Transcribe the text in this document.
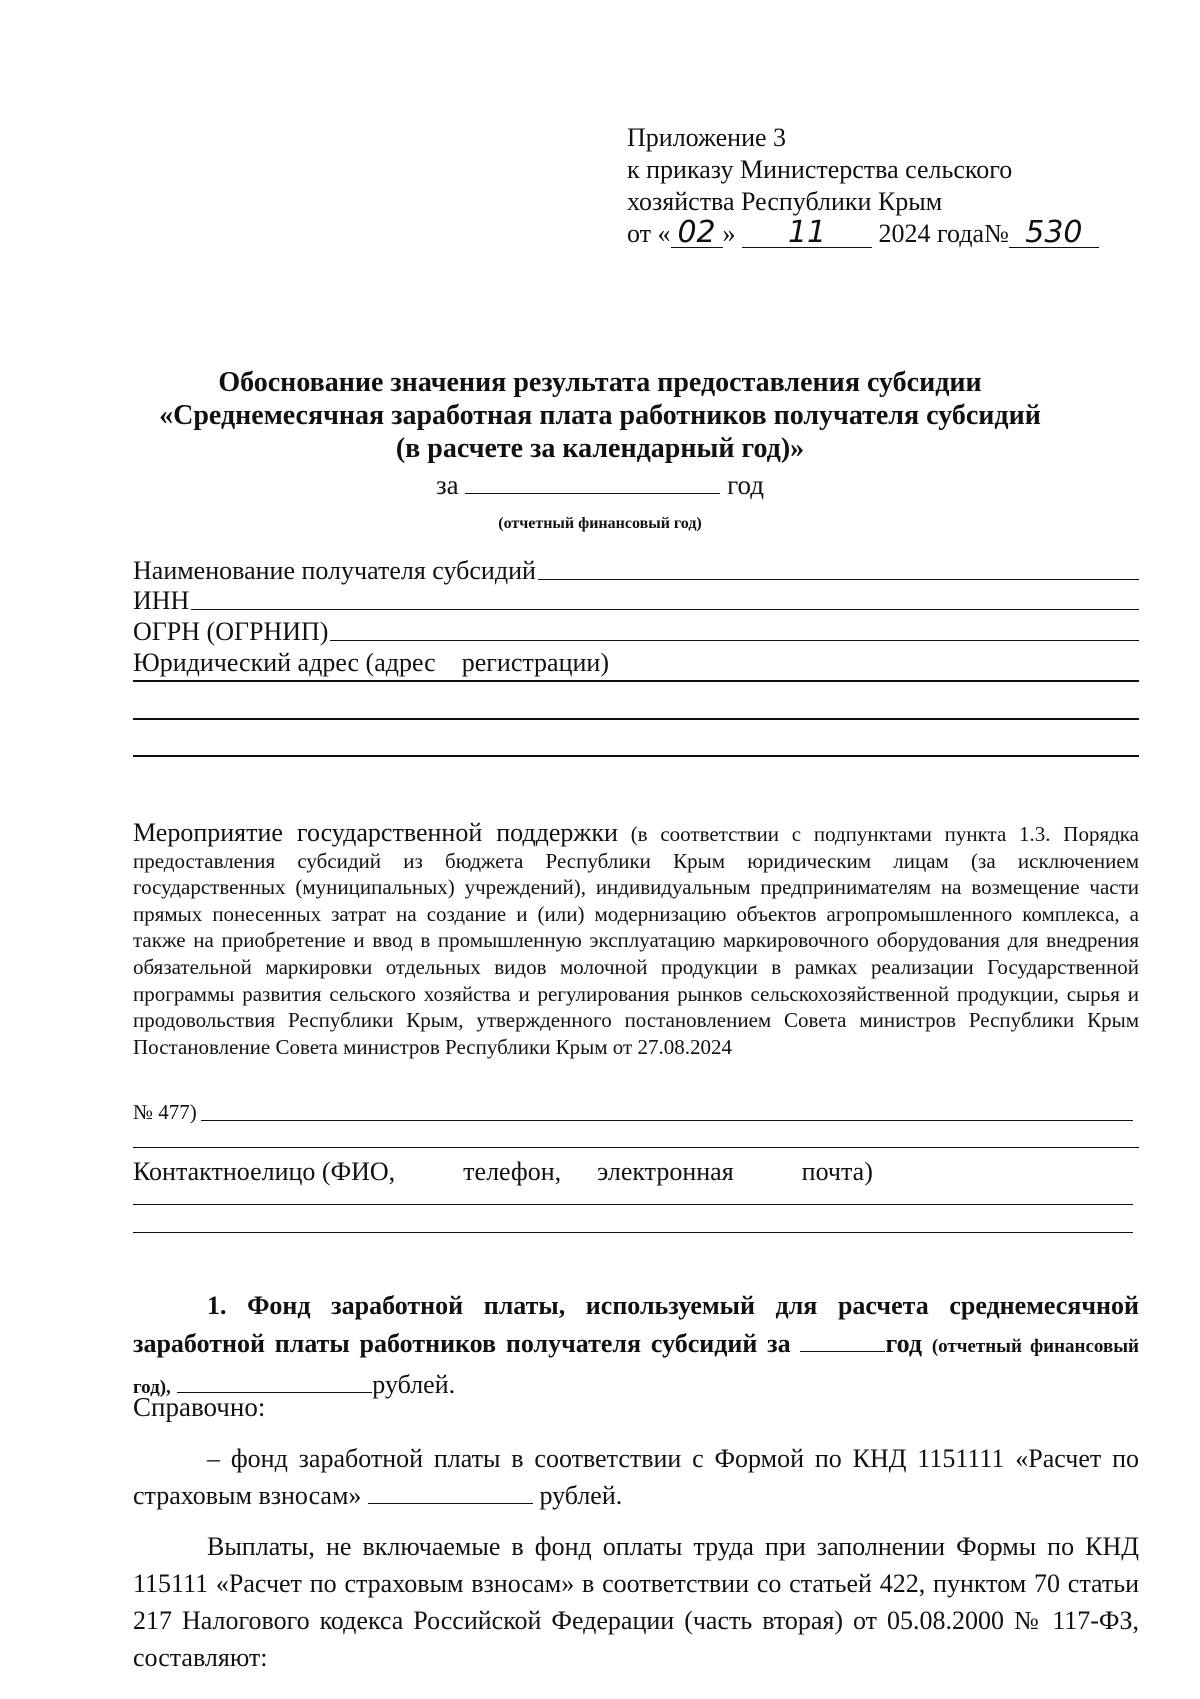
Приложение 3
к приказу Министерства сельского
хозяйства Республики Крым
от « 02 » 11 2024 года№ 530
Обоснование значения результата предоставления субсидии
«Среднемесячная заработная плата работников получателя субсидий
(в расчете за календарный год)»
за	год
(отчетный финансовый год)
Наименование получателя субсидий
ИНН
ОГРН (ОГРНИП)
Юридический адрес (адрес    регистрации)
Мероприятие государственной поддержки (в соответствии с подпунктами пункта 1.3. Порядка предоставления субсидий из бюджета Республики Крым юридическим лицам (за исключением государственных (муниципальных) учреждений), индивидуальным предпринимателям на возмещение части прямых понесенных затрат на создание и (или) модернизацию объектов агропромышленного комплекса, а также на приобретение и ввод в промышленную эксплуатацию маркировочного оборудования для внедрения обязательной маркировки отдельных видов молочной продукции в рамках реализации Государственной программы развития сельского хозяйства и регулирования рынков сельскохозяйственной продукции, сырья и продовольствия Республики Крым, утвержденного постановлением Совета министров Республики Крым Постановление Совета министров Республики Крым от 27.08.2024
№ 477)
Контактноелицо (ФИО,	телефон, электронная	почта)
1. Фонд заработной платы, используемый для расчета среднемесячной заработной платы работников получателя субсидий за	год (отчетный финансовый год),	рублей.
Справочно:
– фонд заработной платы в соответствии с Формой по КНД 1151111 «Расчет по страховым взносам»	рублей.
Выплаты, не включаемые в фонд оплаты труда при заполнении Формы по КНД 115111 «Расчет по страховым взносам» в соответствии со статьей 422, пунктом 70 статьи 217 Налогового кодекса Российской Федерации (часть вторая) от 05.08.2000 № 117-ФЗ, составляют:
